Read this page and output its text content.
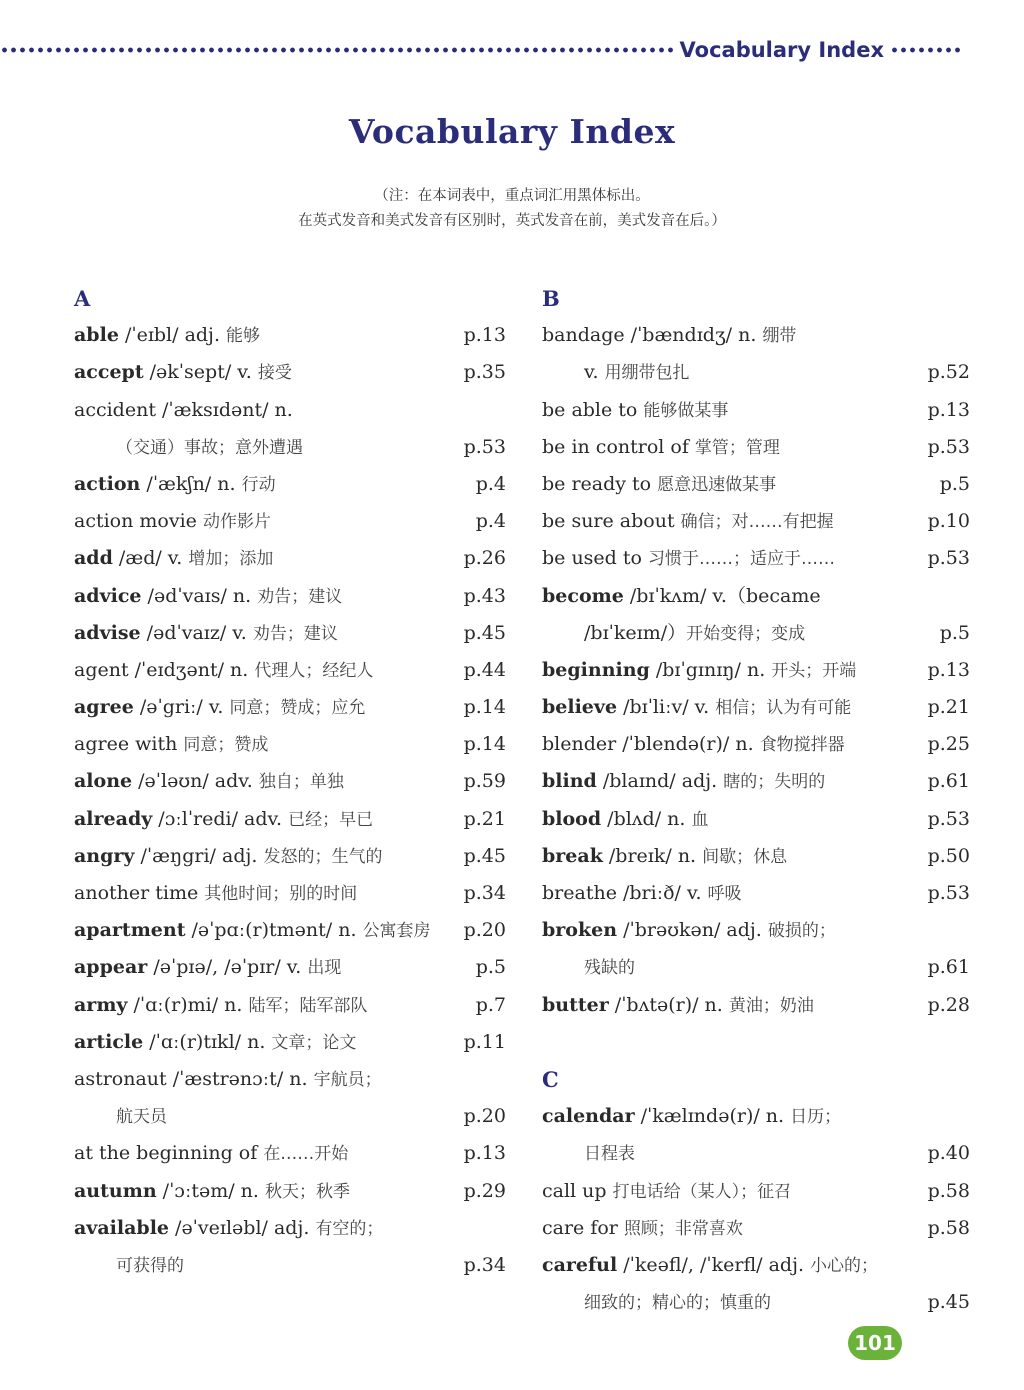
Vocabulary Index
Vocabulary Index
（注：在本词表中，重点词汇用黑体标出。
在英式发音和美式发音有区别时，英式发音在前，美式发音在后。）
A
able /ˈeɪbl/ adj. 能够	p.13
accept /əkˈsept/ v. 接受	p.35
accident /ˈæksɪdənt/ n.
（交通）事故；意外遭遇	p.53
action /ˈækʃn/ n. 行动	p.4
action movie 动作影片	p.4
add /æd/ v. 增加；添加	p.26
advice /ədˈvaɪs/ n. 劝告；建议	p.43
advise /ədˈvaɪz/ v. 劝告；建议	p.45
agent /ˈeɪdʒənt/ n. 代理人；经纪人	p.44
agree /əˈgriː/ v. 同意；赞成；应允	p.14
agree with 同意；赞成	p.14
alone /əˈləʊn/ adv. 独自；单独	p.59
already /ɔːlˈredi/ adv. 已经；早已	p.21
angry /ˈæŋgri/ adj. 发怒的；生气的	p.45
another time 其他时间；别的时间	p.34
apartment /əˈpɑː(r)tmənt/ n. 公寓套房 p.20
appear /əˈpɪə/, /əˈpɪr/ v. 出现	p.5
army /ˈɑː(r)mi/ n. 陆军；陆军部队	p.7
article /ˈɑː(r)tɪkl/ n. 文章；论文	p.11
astronaut /ˈæstrənɔːt/ n. 宇航员；
航天员	p.20
at the beginning of 在……开始	p.13
autumn /ˈɔːtəm/ n. 秋天；秋季	p.29
available /əˈveɪləbl/ adj. 有空的；
可获得的	p.34
B
bandage /ˈbændɪdʒ/ n. 绷带
v. 用绷带包扎	p.52
be able to 能够做某事	p.13
be in control of 掌管；管理	p.53
be ready to 愿意迅速做某事	p.5
be sure about 确信；对……有把握	p.10
be used to 习惯于……；适应于……	p.53
become /bɪˈkʌm/ v.（became
/bɪˈkeɪm/）开始变得；变成	p.5
beginning /bɪˈgɪnɪŋ/ n. 开头；开端	p.13
believe /bɪˈliːv/ v. 相信；认为有可能	p.21
blender /ˈblendə(r)/ n. 食物搅拌器	p.25
blind /blaɪnd/ adj. 瞎的；失明的	p.61
blood /blʌd/ n. 血	p.53
break /breɪk/ n. 间歇；休息	p.50
breathe /briːð/ v. 呼吸	p.53
broken /ˈbrəʊkən/ adj. 破损的；
残缺的	p.61
butter /ˈbʌtə(r)/ n. 黄油；奶油	p.28
C
calendar /ˈkælɪndə(r)/ n. 日历；
日程表	p.40
call up 打电话给（某人）；征召	p.58
care for 照顾；非常喜欢	p.58
careful /ˈkeəfl/, /ˈkerfl/ adj. 小心的；
细致的；精心的；慎重的	p.45
101
